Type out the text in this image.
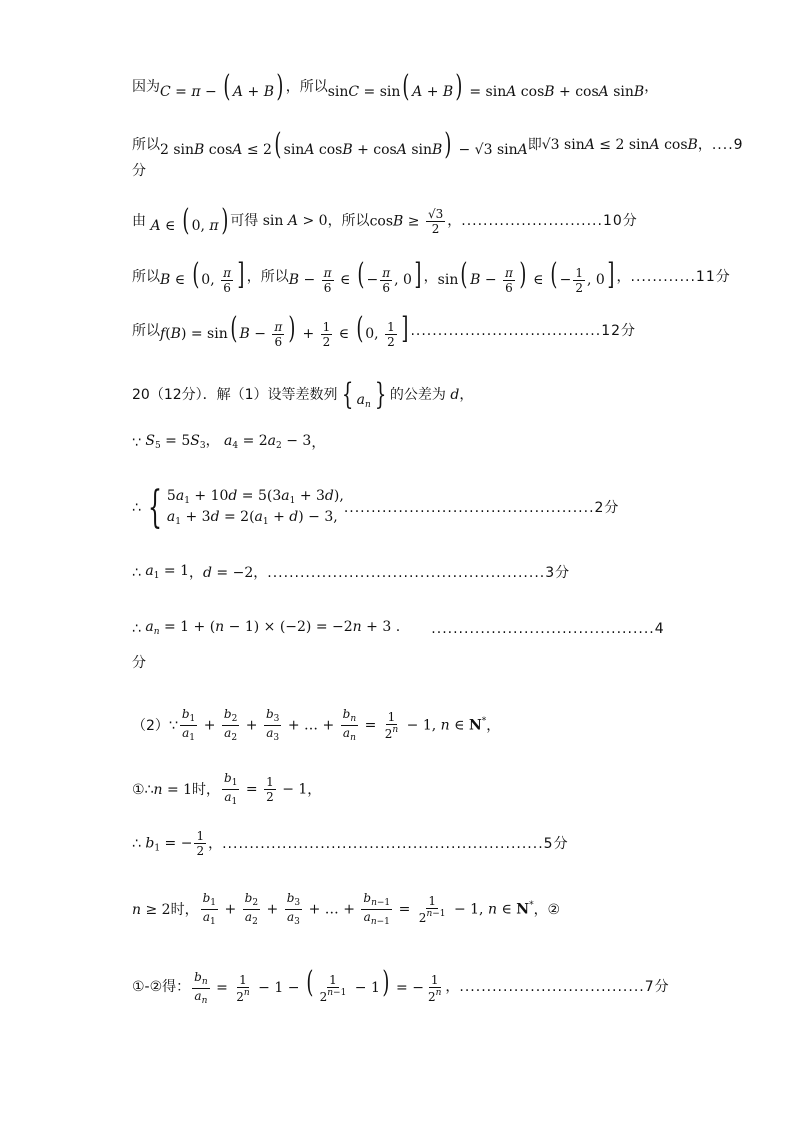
因为 C = π − ( A + B) ，所以 sinC = sin( A + B) = sinA cosB + cosA sinB ，
所以 2 sinB cosA ≤ 2( sinA cosB + cosA sinB) − √3 sinA 即 √3 sinA ≤ 2 sinA cosB ， ....9
分
由 A ∈ ( 0, π) 可得 sin A > 0 ，所以 $\cos B \ge \frac{√3}{2}$ ， ..........................10分
所以 B ∈ ( 0, $\frac{\pi}{6}$ ] ，所以 $B - \frac{\pi}{6}$ ∈ ( − $\frac{\pi}{6}$ , 0] ， sin( $B - \frac{\pi}{6}$ ) ∈ ( − $\frac{1}{2}$ , 0] ， ............11分
所以 f(B) = sin( $B - \frac{\pi}{6}$ ) + $\frac{1}{2}$ ∈ ( 0, $\frac{1}{2}$ ] ...................................12分
20（12分）．解（1）设等差数列 { $a_n$ } 的公差为 d，
∵ $S_5 = 5S_3$， $a_4 = 2a_2 - 3$ ，
∴ { $5a_1 + 10d = 5(3a_1 + 3d)$,
$a_1 + 3d = 2(a_1 + d) - 3$,
..............................................2分
∴ $a_1 = 1$ ， d = −2 ， ...................................................3分
∴ $a_n = 1 + (n - 1) \times (-2) = -2n + 3$ . .........................................4
分
（2）∵ $\frac{b_1}{a_1} + \frac{b_2}{a_2} + \frac{b_3}{a_3}$ + … + $\frac{b_n}{a_n} = \frac{1}{2^n} - 1$, n ∈ N* ，
①∴ n = 1 时， $\frac{b_1}{a_1} = \frac{1}{2} - 1$ ，
∴ $b_1$ = − $\frac{1}{2}$ ， ...........................................................5分
n ≥ 2 时， $\frac{b_1}{a_1} + \frac{b_2}{a_2} + \frac{b_3}{a_3}$ + … + $\frac{b_{n-1}}{a_{n-1}} = \frac{1}{2^{n-1}} - 1$, n ∈ N* ，②
①-②得： $\frac{b_n}{a_n} = \frac{1}{2^n} - 1$ − ( $\frac{1}{2^{n-1}} - 1$) = − $\frac{1}{2^n}$ ， ..................................7分
